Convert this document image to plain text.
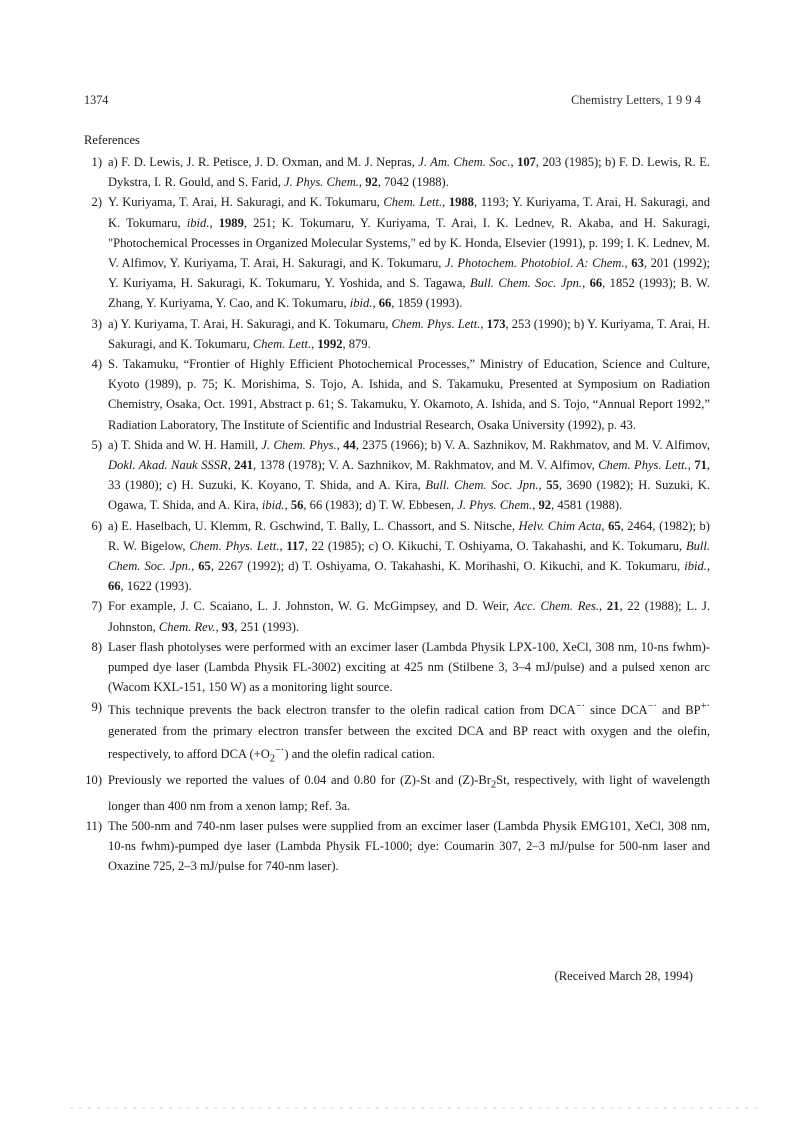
1374	Chemistry Letters, 1 9 9 4
References
1) a) F. D. Lewis, J. R. Petisce, J. D. Oxman, and M. J. Nepras, J. Am. Chem. Soc., 107, 203 (1985); b) F. D. Lewis, R. E. Dykstra, I. R. Gould, and S. Farid, J. Phys. Chem., 92, 7042 (1988).
2) Y. Kuriyama, T. Arai, H. Sakuragi, and K. Tokumaru, Chem. Lett., 1988, 1193; Y. Kuriyama, T. Arai, H. Sakuragi, and K. Tokumaru, ibid., 1989, 251; K. Tokumaru, Y. Kuriyama, T. Arai, I. K. Lednev, R. Akaba, and H. Sakuragi, "Photochemical Processes in Organized Molecular Systems," ed by K. Honda, Elsevier (1991), p. 199; I. K. Lednev, M. V. Alfimov, Y. Kuriyama, T. Arai, H. Sakuragi, and K. Tokumaru, J. Photochem. Photobiol. A: Chem., 63, 201 (1992); Y. Kuriyama, H. Sakuragi, K. Tokumaru, Y. Yoshida, and S. Tagawa, Bull. Chem. Soc. Jpn., 66, 1852 (1993); B. W. Zhang, Y. Kuriyama, Y. Cao, and K. Tokumaru, ibid., 66, 1859 (1993).
3) a) Y. Kuriyama, T. Arai, H. Sakuragi, and K. Tokumaru, Chem. Phys. Lett., 173, 253 (1990); b) Y. Kuriyama, T. Arai, H. Sakuragi, and K. Tokumaru, Chem. Lett., 1992, 879.
4) S. Takamuku, “Frontier of Highly Efficient Photochemical Processes,” Ministry of Education, Science and Culture, Kyoto (1989), p. 75; K. Morishima, S. Tojo, A. Ishida, and S. Takamuku, Presented at Symposium on Radiation Chemistry, Osaka, Oct. 1991, Abstract p. 61; S. Takamuku, Y. Okamoto, A. Ishida, and S. Tojo, “Annual Report 1992,” Radiation Laboratory, The Institute of Scientific and Industrial Research, Osaka University (1992), p. 43.
5) a) T. Shida and W. H. Hamill, J. Chem. Phys., 44, 2375 (1966); b) V. A. Sazhnikov, M. Rakhmatov, and M. V. Alfimov, Dokl. Akad. Nauk SSSR, 241, 1378 (1978); V. A. Sazhnikov, M. Rakhmatov, and M. V. Alfimov, Chem. Phys. Lett., 71, 33 (1980); c) H. Suzuki, K. Koyano, T. Shida, and A. Kira, Bull. Chem. Soc. Jpn., 55, 3690 (1982); H. Suzuki, K. Ogawa, T. Shida, and A. Kira, ibid., 56, 66 (1983); d) T. W. Ebbesen, J. Phys. Chem., 92, 4581 (1988).
6) a) E. Haselbach, U. Klemm, R. Gschwind, T. Bally, L. Chassort, and S. Nitsche, Helv. Chim Acta, 65, 2464, (1982); b) R. W. Bigelow, Chem. Phys. Lett., 117, 22 (1985); c) O. Kikuchi, T. Oshiyama, O. Takahashi, and K. Tokumaru, Bull. Chem. Soc. Jpn., 65, 2267 (1992); d) T. Oshiyama, O. Takahashi, K. Morihashi, O. Kikuchi, and K. Tokumaru, ibid., 66, 1622 (1993).
7) For example, J. C. Scaiano, L. J. Johnston, W. G. McGimpsey, and D. Weir, Acc. Chem. Res., 21, 22 (1988); L. J. Johnston, Chem. Rev., 93, 251 (1993).
8) Laser flash photolyses were performed with an excimer laser (Lambda Physik LPX-100, XeCl, 308 nm, 10-ns fwhm)-pumped dye laser (Lambda Physik FL-3002) exciting at 425 nm (Stilbene 3, 3–4 mJ/pulse) and a pulsed xenon arc (Wacom KXL-151, 150 W) as a monitoring light source.
9) This technique prevents the back electron transfer to the olefin radical cation from DCA−· since DCA−· and BP+· generated from the primary electron transfer between the excited DCA and BP react with oxygen and the olefin, respectively, to afford DCA $(+O_2^{-\cdot})$ and the olefin radical cation.
10) Previously we reported the values of 0.04 and 0.80 for (Z)-St and $(Z)-Br_2St$, respectively, with light of wavelength longer than 400 nm from a xenon lamp; Ref. 3a.
11) The 500-nm and 740-nm laser pulses were supplied from an excimer laser (Lambda Physik EMG101, XeCl, 308 nm, 10-ns fwhm)-pumped dye laser (Lambda Physik FL-1000; dye: Coumarin 307, 2–3 mJ/pulse for 500-nm laser and Oxazine 725, 2–3 mJ/pulse for 740-nm laser).
(Received March 28, 1994)
